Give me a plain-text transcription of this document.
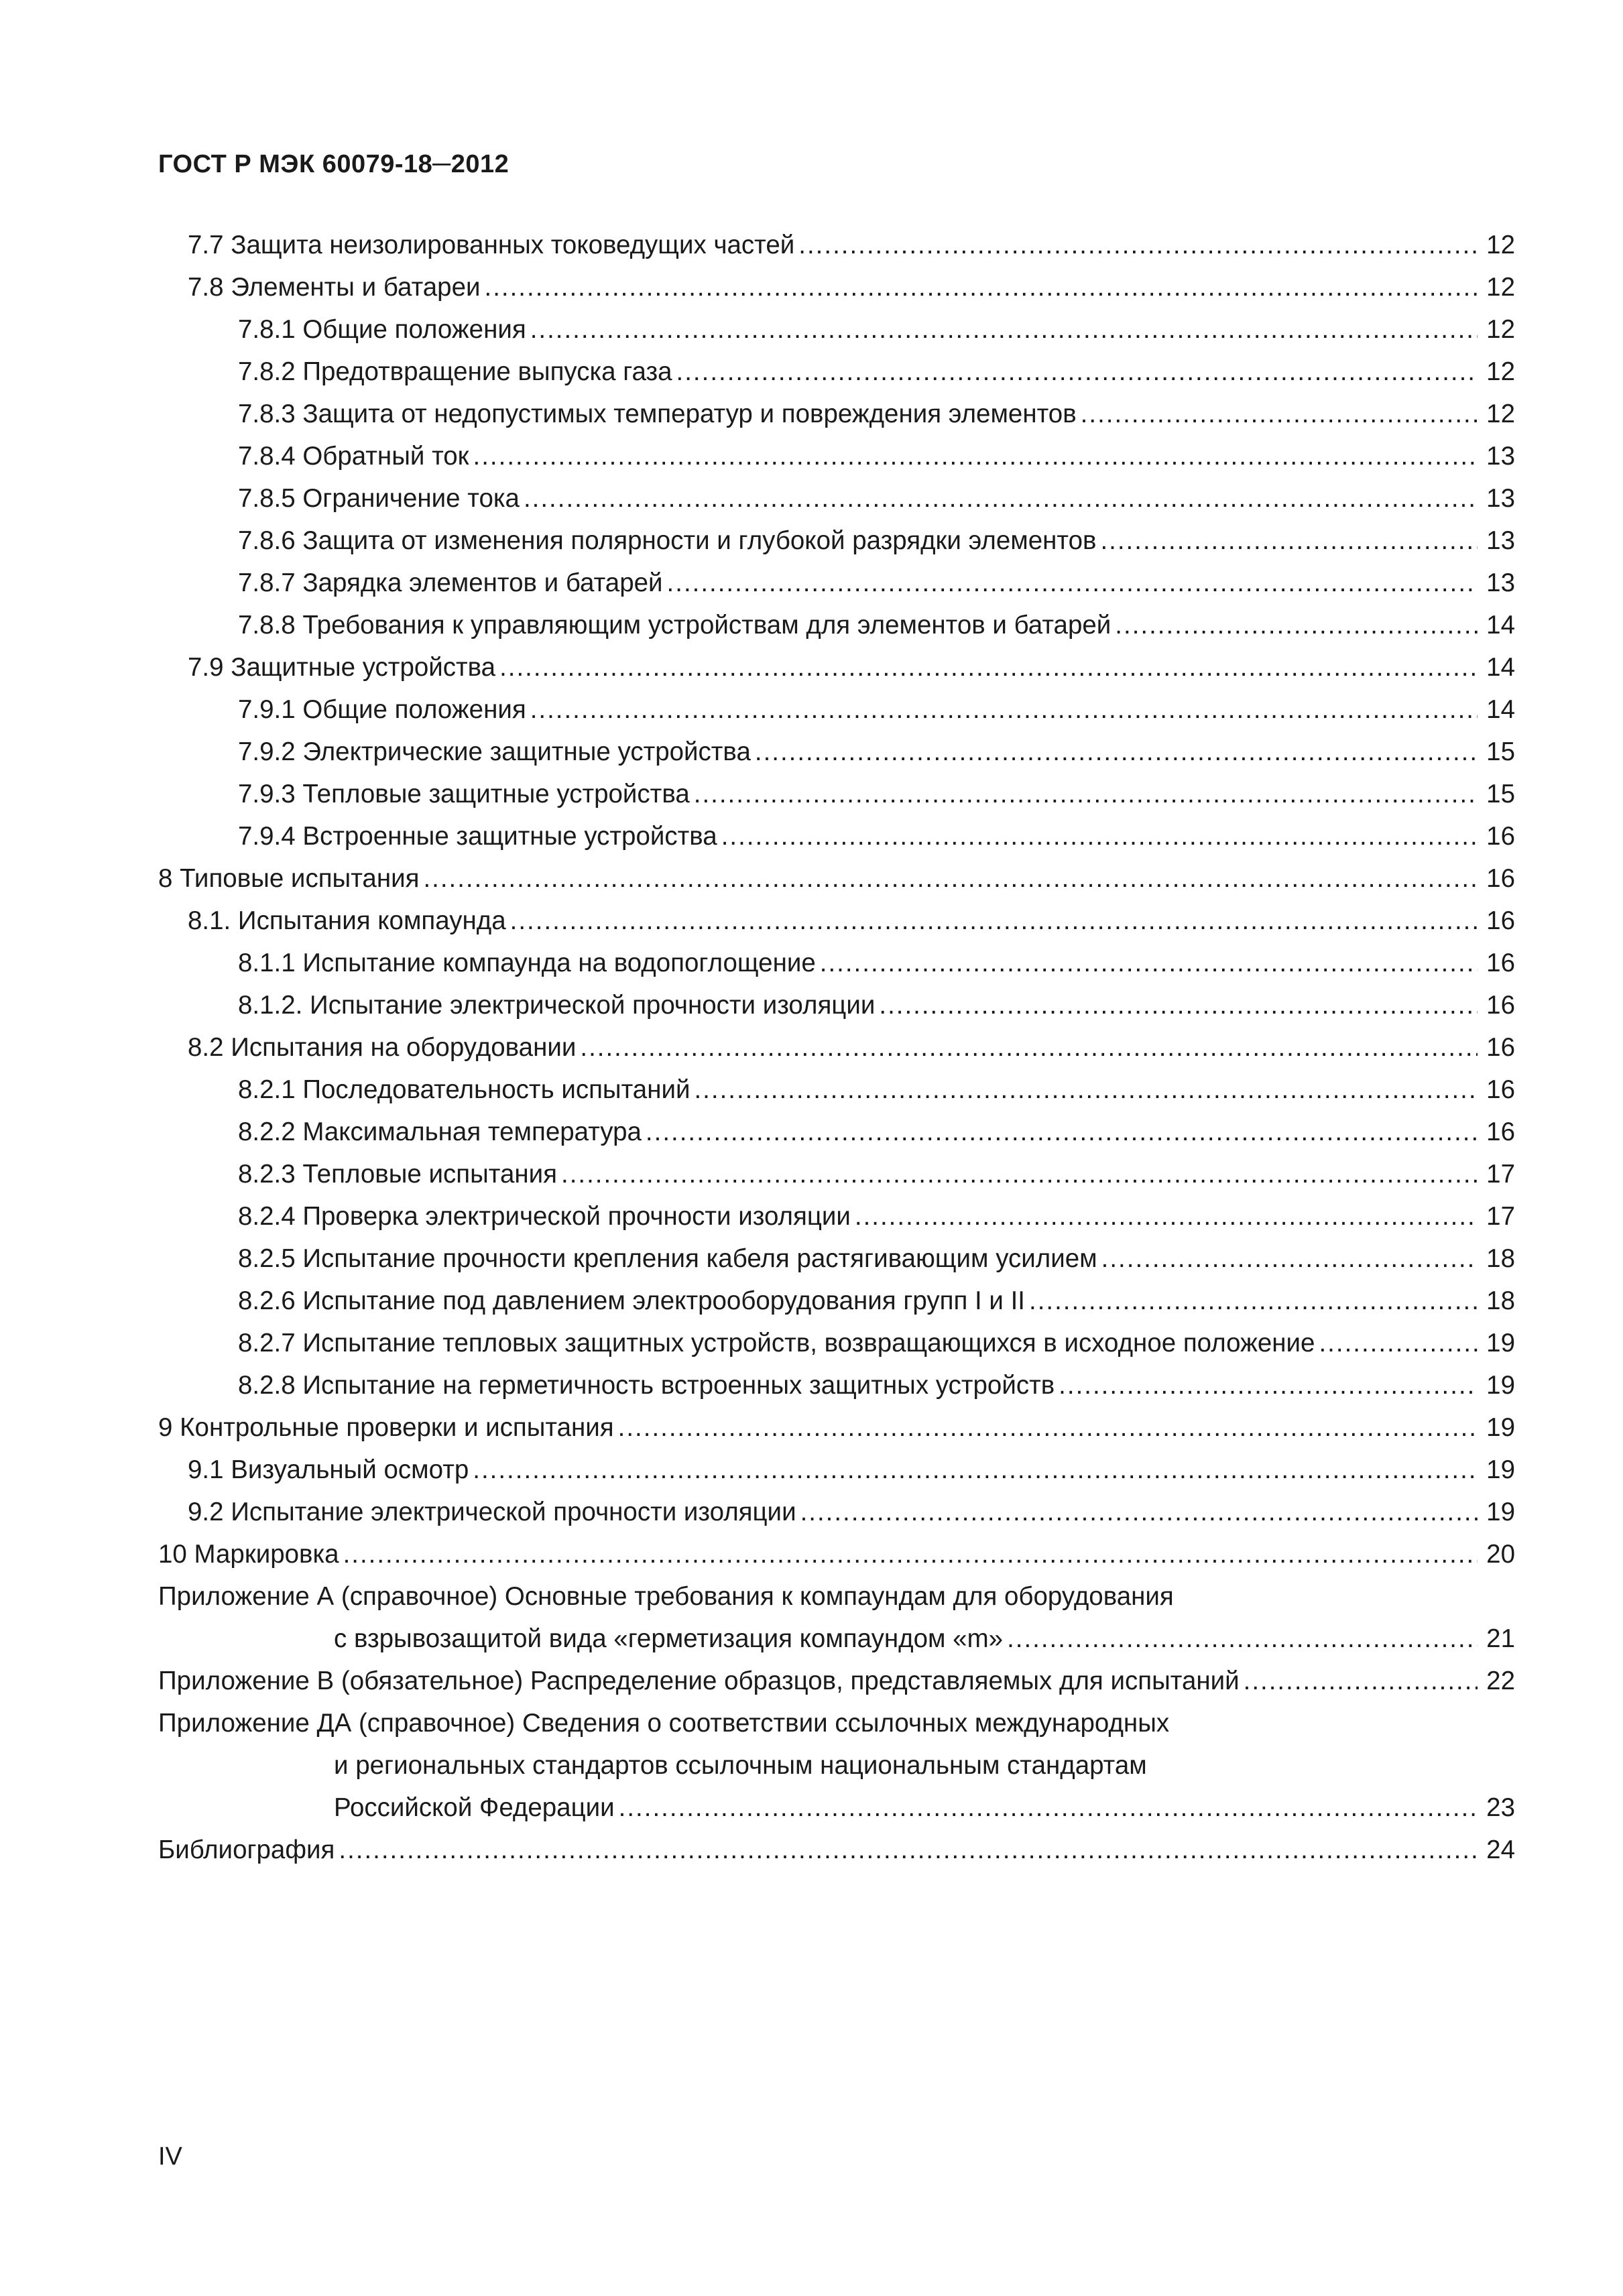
ГОСТ Р МЭК 60079-18─2012
7.7 Защита неизолированных токоведущих частей .....	12
7.8 Элементы и батареи .....	12
7.8.1 Общие положения .....	12
7.8.2 Предотвращение выпуска газа .....	12
7.8.3 Защита от недопустимых температур и повреждения элементов .....	12
7.8.4 Обратный ток .....	13
7.8.5 Ограничение тока .....	13
7.8.6 Защита от изменения полярности и глубокой разрядки элементов .....	13
7.8.7 Зарядка элементов и батарей .....	13
7.8.8 Требования к управляющим устройствам для элементов и батарей .....	14
7.9 Защитные устройства .....	14
7.9.1 Общие положения .....	14
7.9.2 Электрические защитные устройства .....	15
7.9.3 Тепловые защитные устройства .....	15
7.9.4 Встроенные защитные устройства .....	16
8 Типовые испытания .....	16
8.1. Испытания компаунда .....	16
8.1.1 Испытание компаунда на водопоглощение .....	16
8.1.2. Испытание электрической прочности изоляции .....	16
8.2 Испытания на оборудовании .....	16
8.2.1 Последовательность испытаний .....	16
8.2.2 Максимальная температура .....	16
8.2.3 Тепловые испытания .....	17
8.2.4 Проверка электрической прочности изоляции .....	17
8.2.5 Испытание прочности крепления кабеля растягивающим усилием .....	18
8.2.6 Испытание под давлением электрооборудования групп I и II .....	18
8.2.7 Испытание тепловых защитных устройств, возвращающихся в исходное положение .....	19
8.2.8 Испытание на герметичность встроенных защитных устройств .....	19
9 Контрольные проверки и испытания .....	19
9.1 Визуальный осмотр .....	19
9.2 Испытание электрической прочности изоляции .....	19
10 Маркировка .....	20
Приложение А (справочное) Основные требования к компаундам для оборудования
с взрывозащитой вида «герметизация компаундом «m» .....	21
Приложение В (обязательное) Распределение образцов, представляемых для испытаний .....	22
Приложение ДА (справочное) Сведения о соответствии ссылочных международных
и региональных стандартов ссылочным национальным стандартам
Российской Федерации .....	23
Библиография .....	24
IV
